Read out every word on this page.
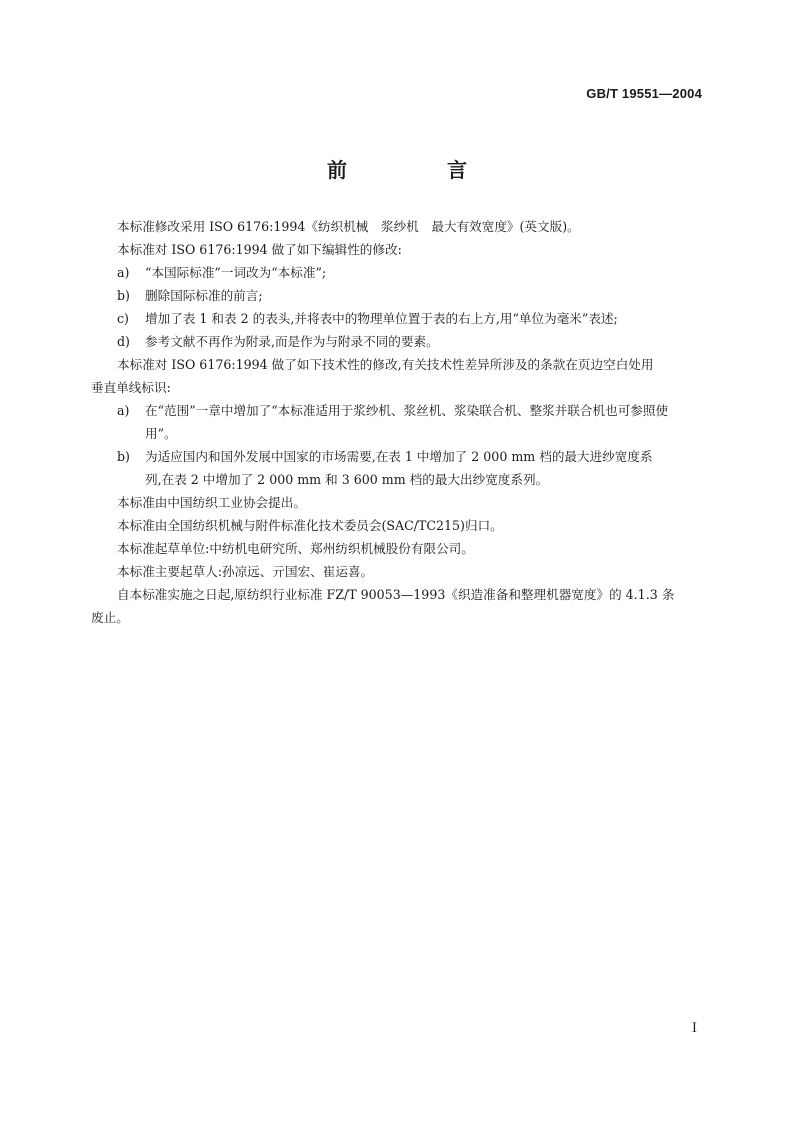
GB/T 19551—2004
前　言

本标准修改采用 ISO 6176:1994《纺织机械　浆纱机　最大有效宽度》(英文版)。

本标准对 ISO 6176:1994 做了如下编辑性的修改:

a)	“本国际标准”一词改为“本标准”;
b)	删除国际标准的前言;
c)	增加了表 1 和表 2 的表头,并将表中的物理单位置于表的右上方,用“单位为毫米”表述;
d)	参考文献不再作为附录,而是作为与附录不同的要素。

本标准对 ISO 6176:1994 做了如下技术性的修改,有关技术性差异所涉及的条款在页边空白处用

垂直单线标识:

a)	在“范围”一章中增加了“本标准适用于浆纱机、浆丝机、浆染联合机、整浆并联合机也可参照使
用”。
b)	为适应国内和国外发展中国家的市场需要,在表 1 中增加了 2 000 mm 档的最大进纱宽度系
列,在表 2 中增加了 2 000 mm 和 3 600 mm 档的最大出纱宽度系列。

本标准由中国纺织工业协会提出。

本标准由全国纺织机械与附件标准化技术委员会(SAC/TC215)归口。

本标准起草单位:中纺机电研究所、郑州纺织机械股份有限公司。

本标准主要起草人:孙凉远、亓国宏、崔运喜。

自本标准实施之日起,原纺织行业标准 FZ/T 90053—1993《织造准备和整理机器宽度》的 4.1.3 条

废止。

I
